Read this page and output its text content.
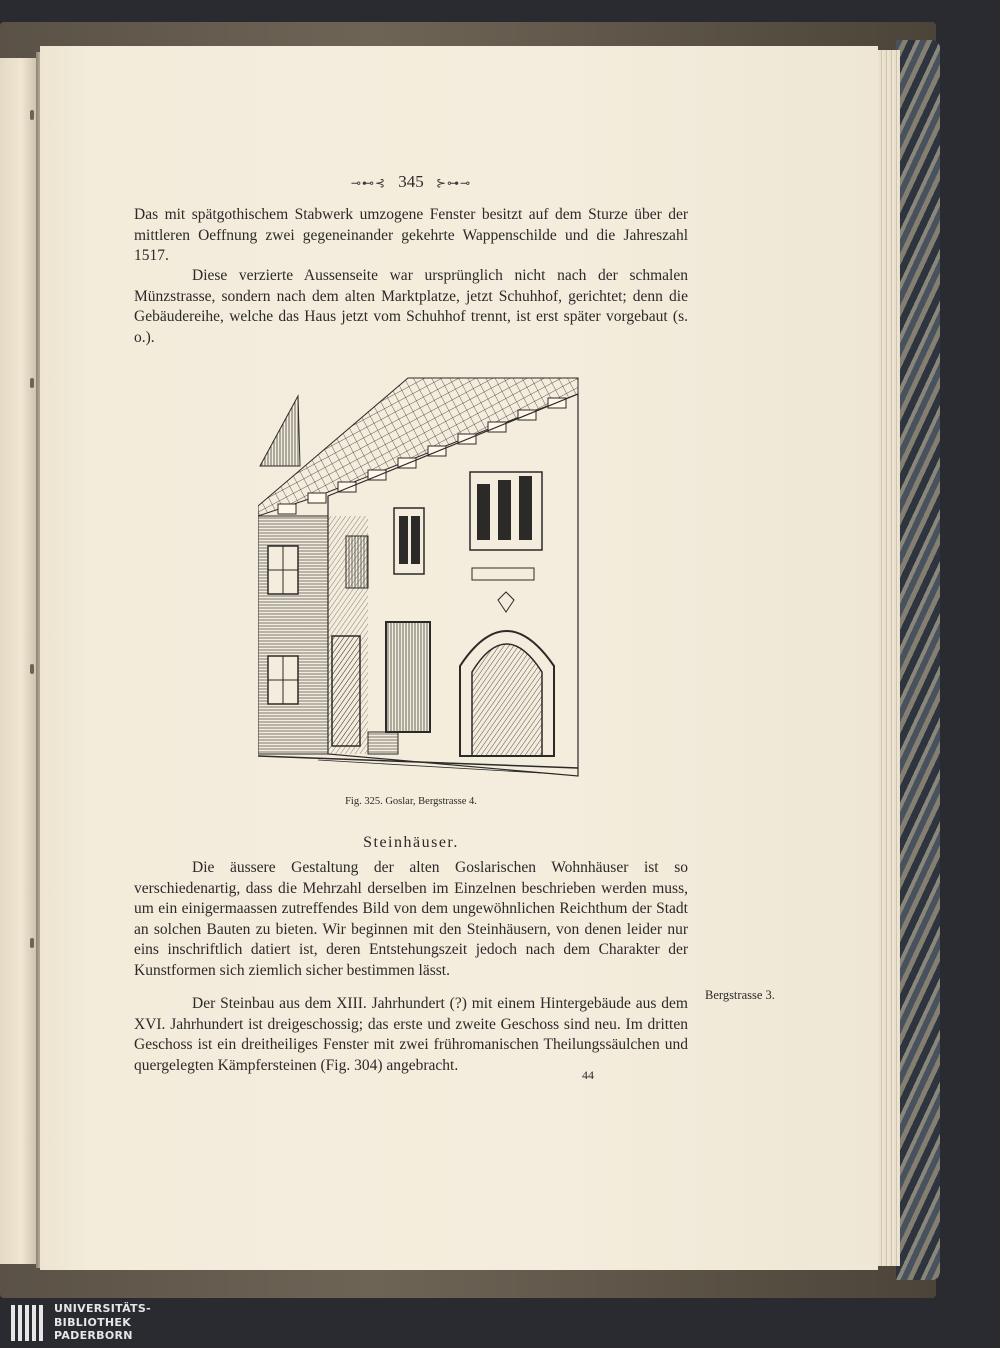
⊸⊷⊰ 345 ⊱⊶⊸

Das mit spätgothischem Stabwerk umzogene Fenster besitzt auf dem Sturze über der mittleren Oeffnung zwei gegeneinander gekehrte Wappenschilde und die Jahreszahl 1517.

Diese verzierte Aussenseite war ursprünglich nicht nach der schmalen Münzstrasse, sondern nach dem alten Marktplatze, jetzt Schuhhof, gerichtet; denn die Gebäudereihe, welche das Haus jetzt vom Schuhhof trennt, ist erst später vorgebaut (s. o.).

Fig. 325. Goslar, Bergstrasse 4.
Steinhäuser.

Die äussere Gestaltung der alten Goslarischen Wohnhäuser ist so verschiedenartig, dass die Mehrzahl derselben im Einzelnen beschrieben werden muss, um ein einigermaassen zutreffendes Bild von dem ungewöhnlichen Reichthum der Stadt an solchen Bauten zu bieten. Wir beginnen mit den Steinhäusern, von denen leider nur eins inschriftlich datiert ist, deren Entstehungszeit jedoch nach dem Charakter der Kunstformen sich ziemlich sicher bestimmen lässt.

Der Steinbau aus dem XIII. Jahrhundert (?) mit einem Hintergebäude aus dem XVI. Jahrhundert ist dreigeschossig; das erste und zweite Geschoss sind neu. Im dritten Geschoss ist ein dreitheiliges Fenster mit zwei frühromanischen Theilungssäulchen und quergelegten Kämpfersteinen (Fig. 304) angebracht.

Bergstrasse 3.
44
UNIVERSITÄTS-
BIBLIOTHEK
PADERBORN
